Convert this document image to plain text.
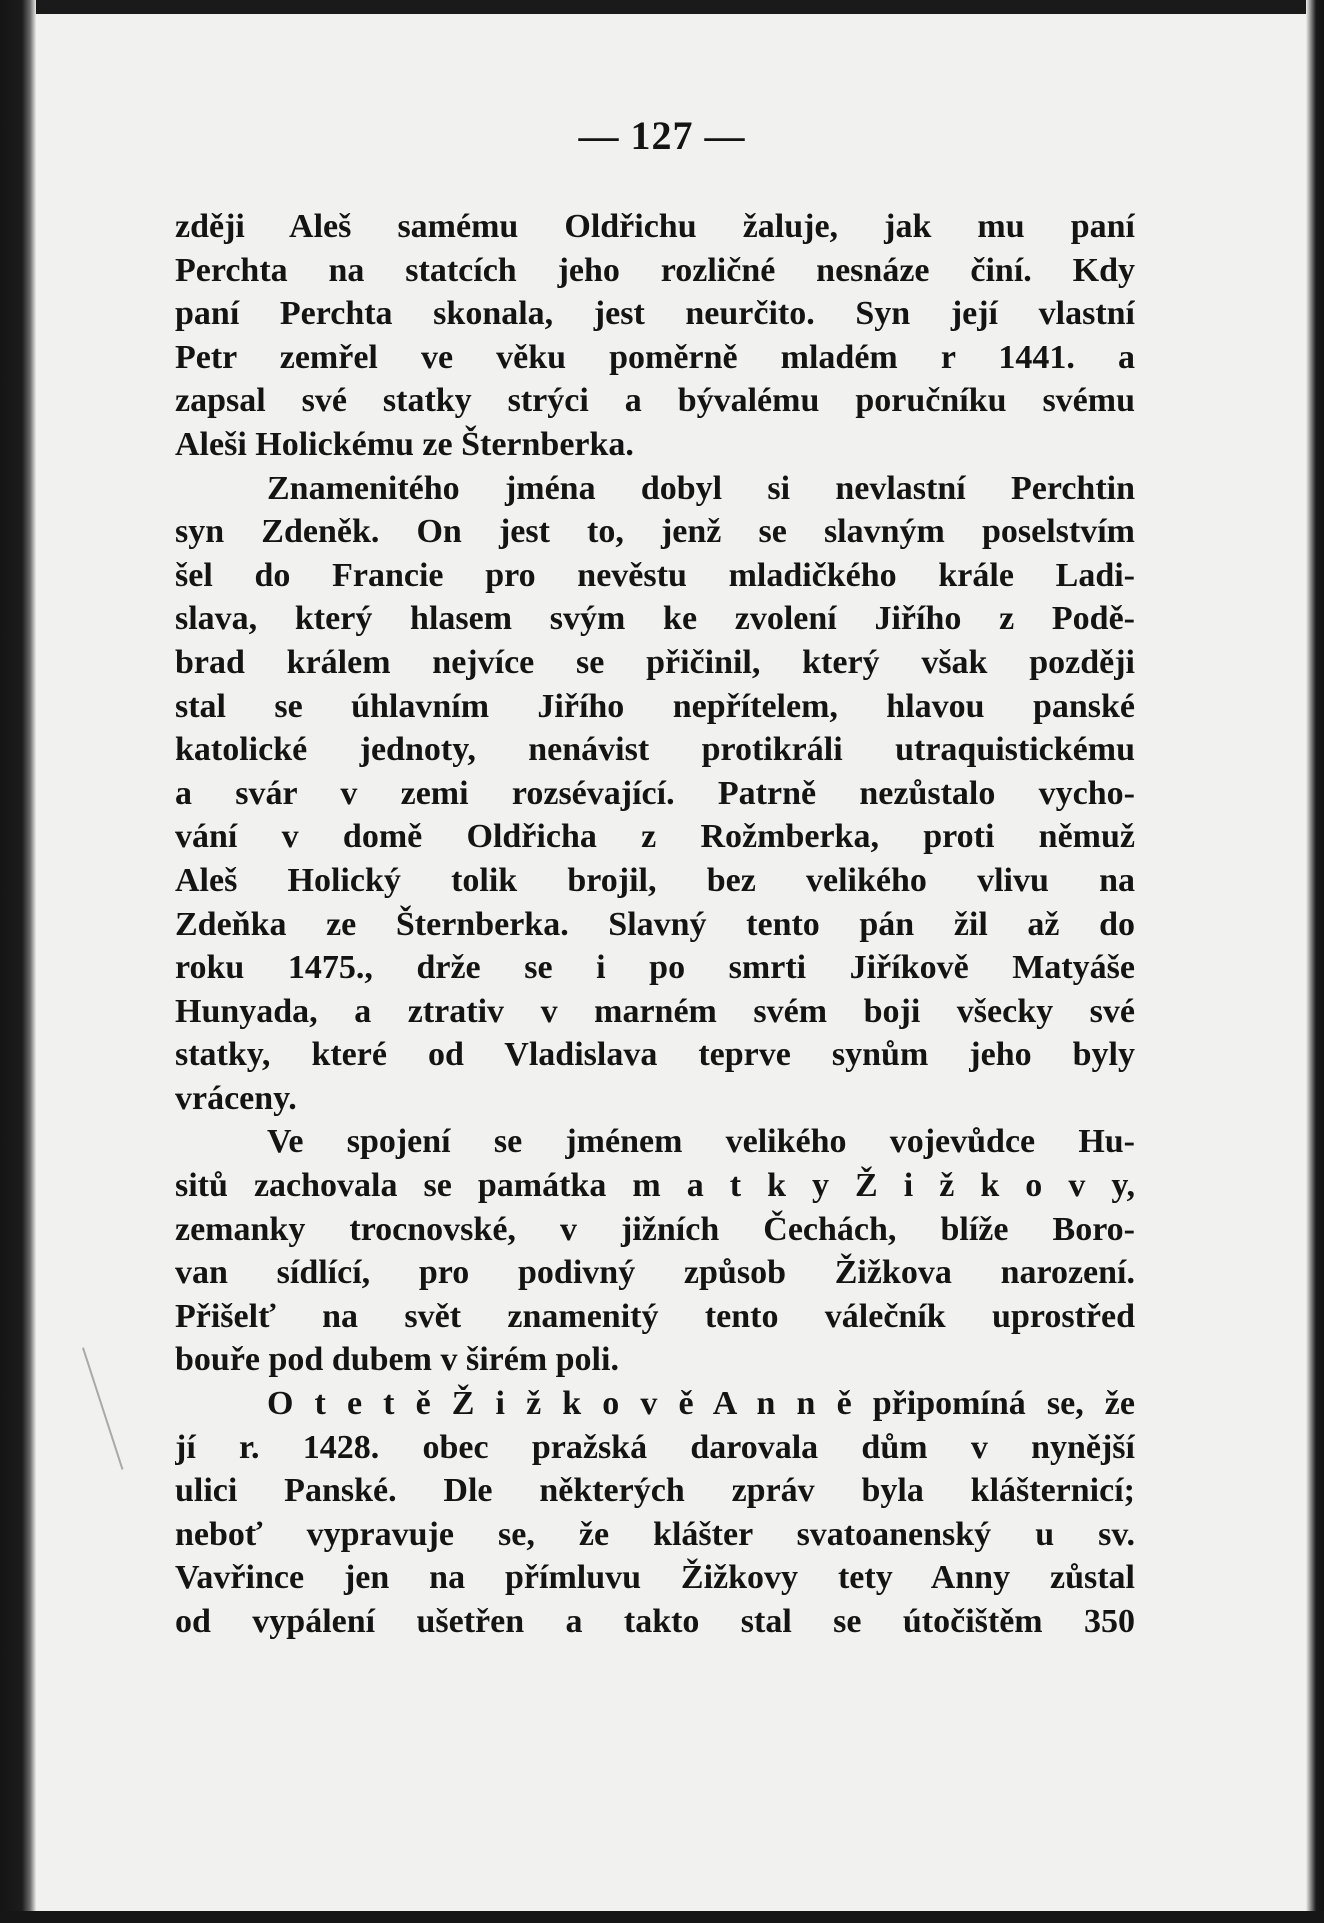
— 127 —
zději Aleš samému Oldřichu žaluje, jak mu paní
Perchta na statcích jeho rozličné nesnáze činí. Kdy
paní Perchta skonala, jest neurčito. Syn její vlastní
Petr zemřel ve věku poměrně mladém r 1441. a
zapsal své statky strýci a bývalému poručníku svému
Aleši Holickému ze Šternberka.
Znamenitého jména dobyl si nevlastní Perchtin
syn Zdeněk. On jest to, jenž se slavným poselstvím
šel do Francie pro nevěstu mladičkého krále Ladi-
slava, který hlasem svým ke zvolení Jiřího z Podě-
brad králem nejvíce se přičinil, který však později
stal se úhlavním Jiřího nepřítelem, hlavou panské
katolické jednoty, nenávist protikráli utraquistickému
a svár v zemi rozsévající. Patrně nezůstalo vycho-
vání v domě Oldřicha z Rožmberka, proti němuž
Aleš Holický tolik brojil, bez velikého vlivu na
Zdeňka ze Šternberka. Slavný tento pán žil až do
roku 1475., drže se i po smrti Jiříkově Matyáše
Hunyada, a ztrativ v marném svém boji všecky své
statky, které od Vladislava teprve synům jeho byly
vráceny.
Ve spojení se jménem velikého vojevůdce Hu-
sitů zachovala se památka m a t k y Ž i ž k o v y,
zemanky trocnovské, v jižních Čechách, blíže Boro-
van sídlící, pro podivný způsob Žižkova narození.
Přišelť na svět znamenitý tento válečník uprostřed
bouře pod dubem v širém poli.
O t e t ě Ž i ž k o v ě A n n ě připomíná se, že
jí r. 1428. obec pražská darovala dům v nynější
ulici Panské. Dle některých zpráv byla klášternicí;
neboť vypravuje se, že klášter svatoanenský u sv.
Vavřince jen na přímluvu Žižkovy tety Anny zůstal
od vypálení ušetřen a takto stal se útočištěm 350
